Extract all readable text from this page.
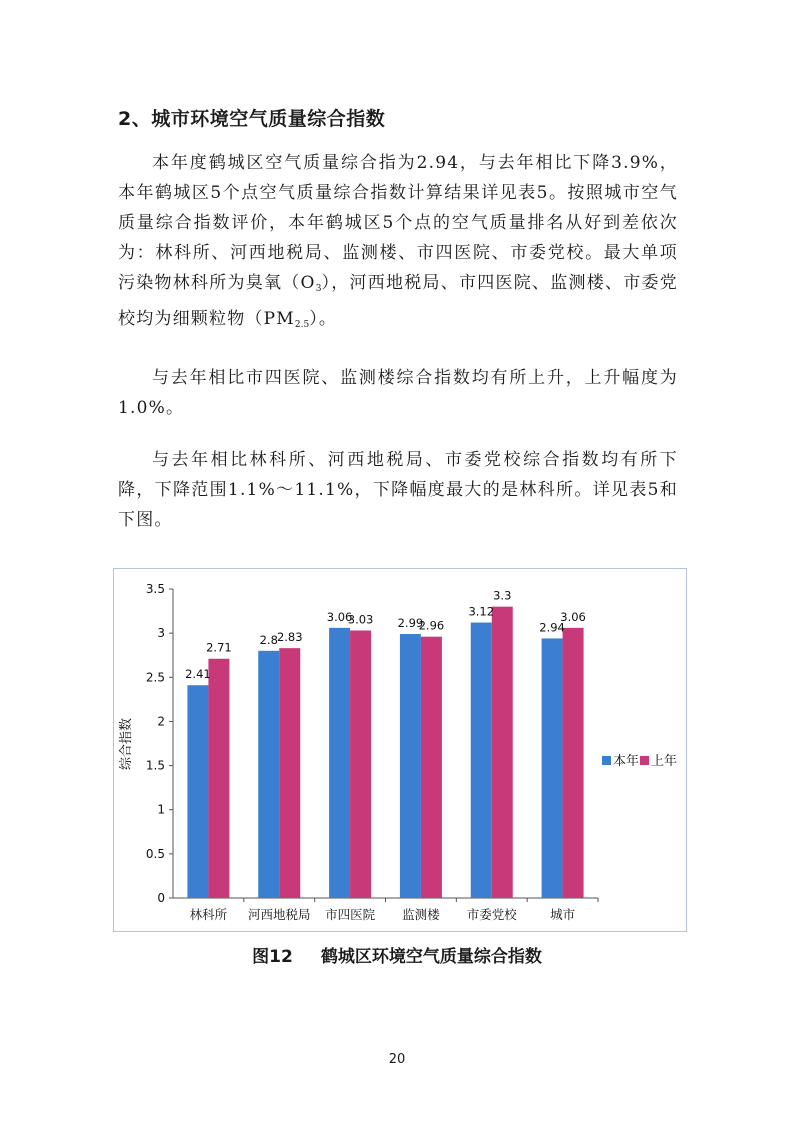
2、城市环境空气质量综合指数

本年度鹤城区空气质量综合指为2.94，与去年相比下降3.9%，本年鹤城区5个点空气质量综合指数计算结果详见表5。按照城市空气质量综合指数评价，本年鹤城区5个点的空气质量排名从好到差依次为：林科所、河西地税局、监测楼、市四医院、市委党校。最大单项污染物林科所为臭氧$(O_3)$，河西地税局、市四医院、监测楼、市委党校均为细颗粒物$(PM_{2.5})$。

与去年相比市四医院、监测楼综合指数均有所上升，上升幅度为1.0%。

与去年相比林科所、河西地税局、市委党校综合指数均有所下降，下降范围1.1%～11.1%，下降幅度最大的是林科所。详见表5和下图。

0
0.5
1
1.5
2
2.5
3
3.5
综合指数
2.41
2.71
林科所
2.8 2.83
河西地税局
3.06
3.03
市四医院
2.99
2.96
监测楼
3.12
3.3
市委党校
2.94
3.06
城市
本年 上年
图12 鹤城区环境空气质量综合指数
20
